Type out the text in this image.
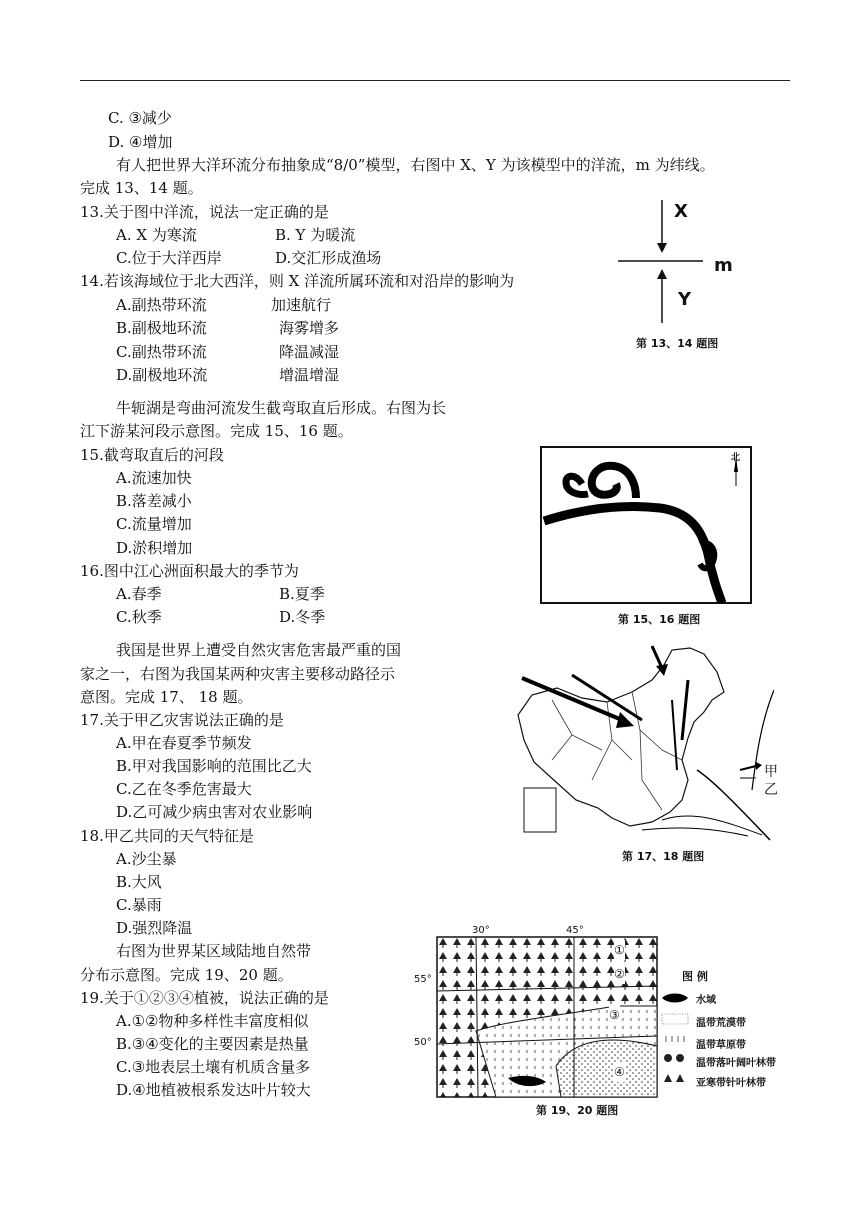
C. ③减少
D. ④增加
有人把世界大洋环流分布抽象成“8/0”模型，右图中 X、Y 为该模型中的洋流，m 为纬线。
完成 13、14 题。
13.关于图中洋流，说法一定正确的是
A. X 为寒流	B. Y 为暖流
C.位于大洋西岸	D.交汇形成渔场
14.若该海域位于北大西洋，则 X 洋流所属环流和对沿岸的影响为
A.副热带环流	加速航行
B.副极地环流	海雾增多
C.副热带环流	降温减湿
D.副极地环流	增温增湿
X
m
Y
第 13、14 题图
牛轭湖是弯曲河流发生截弯取直后形成。右图为长
江下游某河段示意图。完成 15、16 题。
15.截弯取直后的河段
A.流速加快
B.落差减小
C.流量增加
D.淤积增加
16.图中江心洲面积最大的季节为
A.春季	B.夏季
C.秋季	D.冬季
北
第 15、16 题图
我国是世界上遭受自然灾害危害最严重的国
家之一，右图为我国某两种灾害主要移动路径示
意图。完成 17、 18 题。
17.关于甲乙灾害说法正确的是
A.甲在春夏季节频发
B.甲对我国影响的范围比乙大
C.乙在冬季危害最大
D.乙可减少病虫害对农业影响
18.甲乙共同的天气特征是
A.沙尘暴
B.大风
C.暴雨
D.强烈降温
甲
乙
第 17、18 题图
右图为世界某区域陆地自然带
分布示意图。完成 19、20 题。
19.关于①②③④植被，说法正确的是
A.①②物种多样性丰富度相似
B.③④变化的主要因素是热量
C.③地表层土壤有机质含量多
D.④地植被根系发达叶片较大
30°	45°
55°
50°
①
②
③
④
图 例
水域
温带荒漠带
温带草原带
温带落叶阔叶林带
亚寒带针叶林带
第 19、20 题图
